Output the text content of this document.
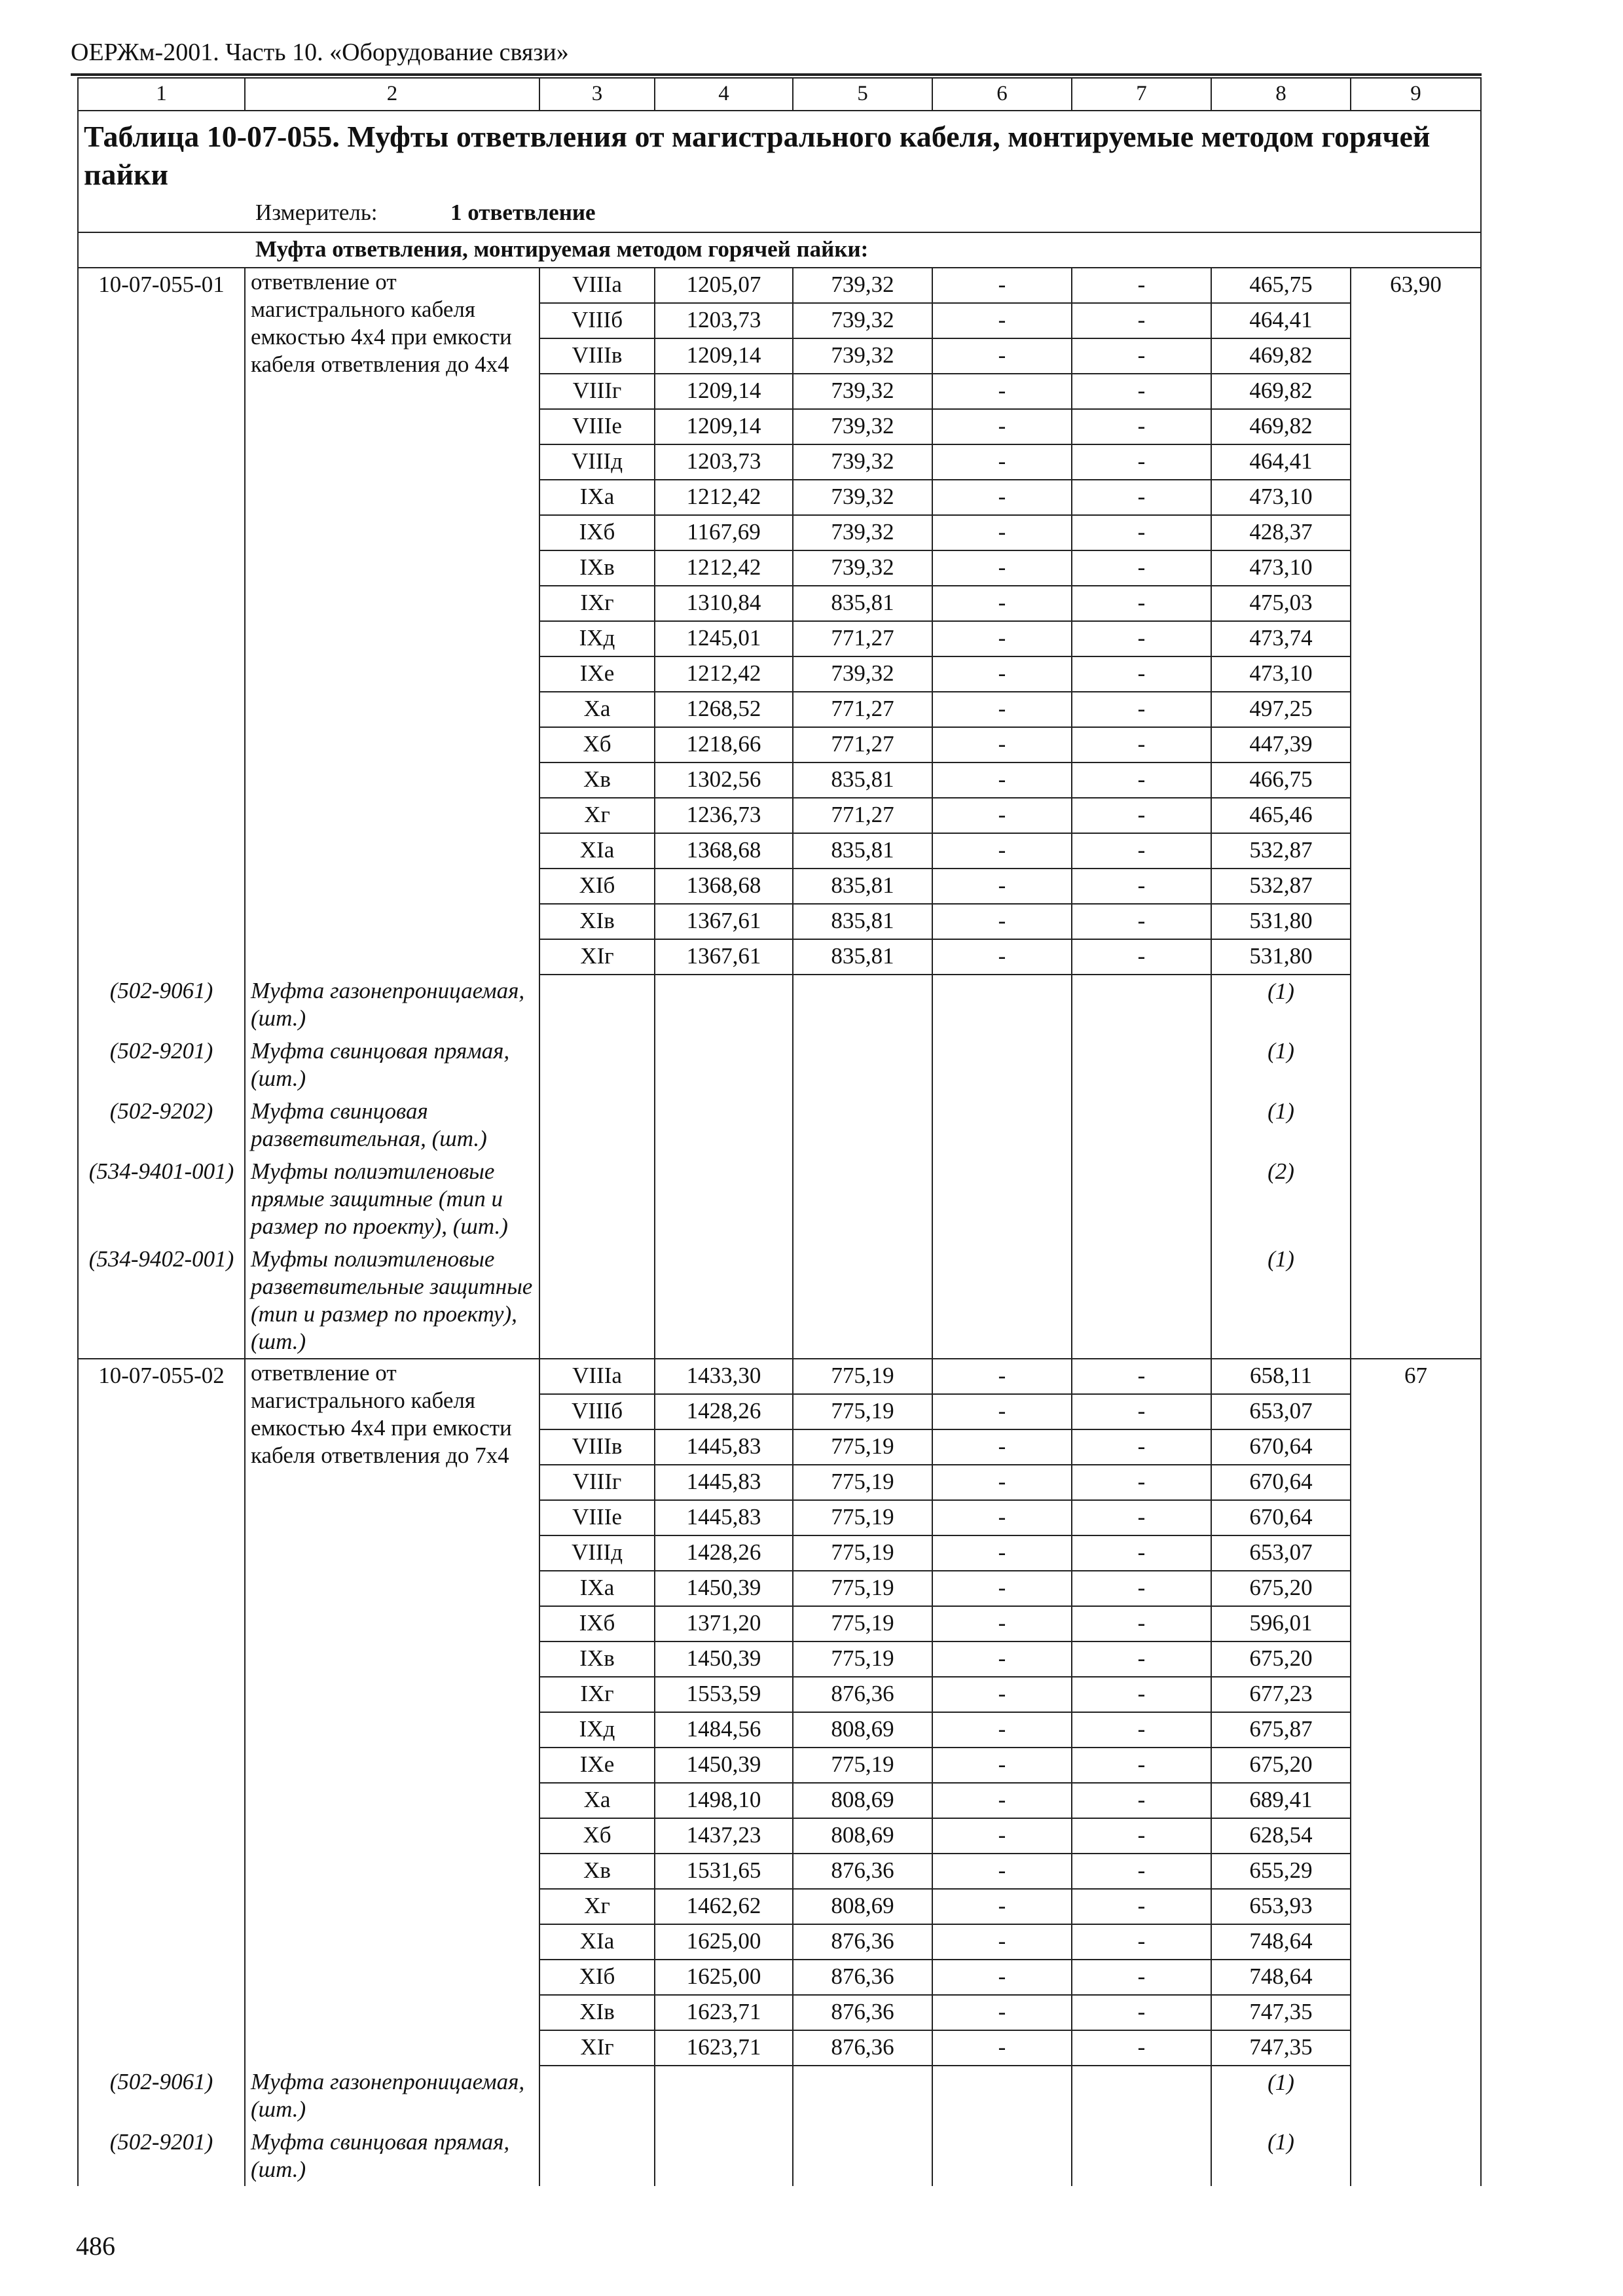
ОЕРЖм-2001. Часть 10. «Оборудование связи»
1	2	3	4	5	6	7	8	9
Таблица 10-07-055. Муфты ответвления от магистрального кабеля, монтируемые методом горячей пайки								
Измеритель: 1 ответвление								
Муфта ответвления, монтируемая методом горячей пайки:								
10-07-055-01	ответвление от магистрального кабеля емкостью 4х4 при емкости кабеля ответвления до 4х4	VIIIа	1205,07	739,32	-	-	465,75	63,90
		VIIIб	1203,73	739,32	-	-	464,41	
		VIIIв	1209,14	739,32	-	-	469,82	
		VIIIг	1209,14	739,32	-	-	469,82	
		VIIIе	1209,14	739,32	-	-	469,82	
		VIIIд	1203,73	739,32	-	-	464,41	
		IXа	1212,42	739,32	-	-	473,10	
		IXб	1167,69	739,32	-	-	428,37	
		IXв	1212,42	739,32	-	-	473,10	
		IXг	1310,84	835,81	-	-	475,03	
		IXд	1245,01	771,27	-	-	473,74	
		IXе	1212,42	739,32	-	-	473,10	
		Xа	1268,52	771,27	-	-	497,25	
		Xб	1218,66	771,27	-	-	447,39	
		Xв	1302,56	835,81	-	-	466,75	
		Xг	1236,73	771,27	-	-	465,46	
		XIа	1368,68	835,81	-	-	532,87	
		XIб	1368,68	835,81	-	-	532,87	
		XIв	1367,61	835,81	-	-	531,80	
		XIг	1367,61	835,81	-	-	531,80	
(502-9061)	Муфта газонепроницаемая, (шт.)						(1)	
(502-9201)	Муфта свинцовая прямая, (шт.)						(1)	
(502-9202)	Муфта свинцовая разветвительная, (шт.)						(1)	
(534-9401-001)	Муфты полиэтиленовые прямые защитные (тип и размер по проекту), (шт.)						(2)	
(534-9402-001)	Муфты полиэтиленовые разветвительные защитные (тип и размер по проекту), (шт.)						(1)	
10-07-055-02	ответвление от магистрального кабеля емкостью 4х4 при емкости кабеля ответвления до 7х4	VIIIа	1433,30	775,19	-	-	658,11	67
		VIIIб	1428,26	775,19	-	-	653,07	
		VIIIв	1445,83	775,19	-	-	670,64	
		VIIIг	1445,83	775,19	-	-	670,64	
		VIIIе	1445,83	775,19	-	-	670,64	
		VIIIд	1428,26	775,19	-	-	653,07	
		IXа	1450,39	775,19	-	-	675,20	
		IXб	1371,20	775,19	-	-	596,01	
		IXв	1450,39	775,19	-	-	675,20	
		IXг	1553,59	876,36	-	-	677,23	
		IXд	1484,56	808,69	-	-	675,87	
		IXе	1450,39	775,19	-	-	675,20	
		Xа	1498,10	808,69	-	-	689,41	
		Xб	1437,23	808,69	-	-	628,54	
		Xв	1531,65	876,36	-	-	655,29	
		Xг	1462,62	808,69	-	-	653,93	
		XIа	1625,00	876,36	-	-	748,64	
		XIб	1625,00	876,36	-	-	748,64	
		XIв	1623,71	876,36	-	-	747,35	
		XIг	1623,71	876,36	-	-	747,35	
(502-9061)	Муфта газонепроницаемая, (шт.)						(1)	
(502-9201)	Муфта свинцовая прямая, (шт.)						(1)	
486
